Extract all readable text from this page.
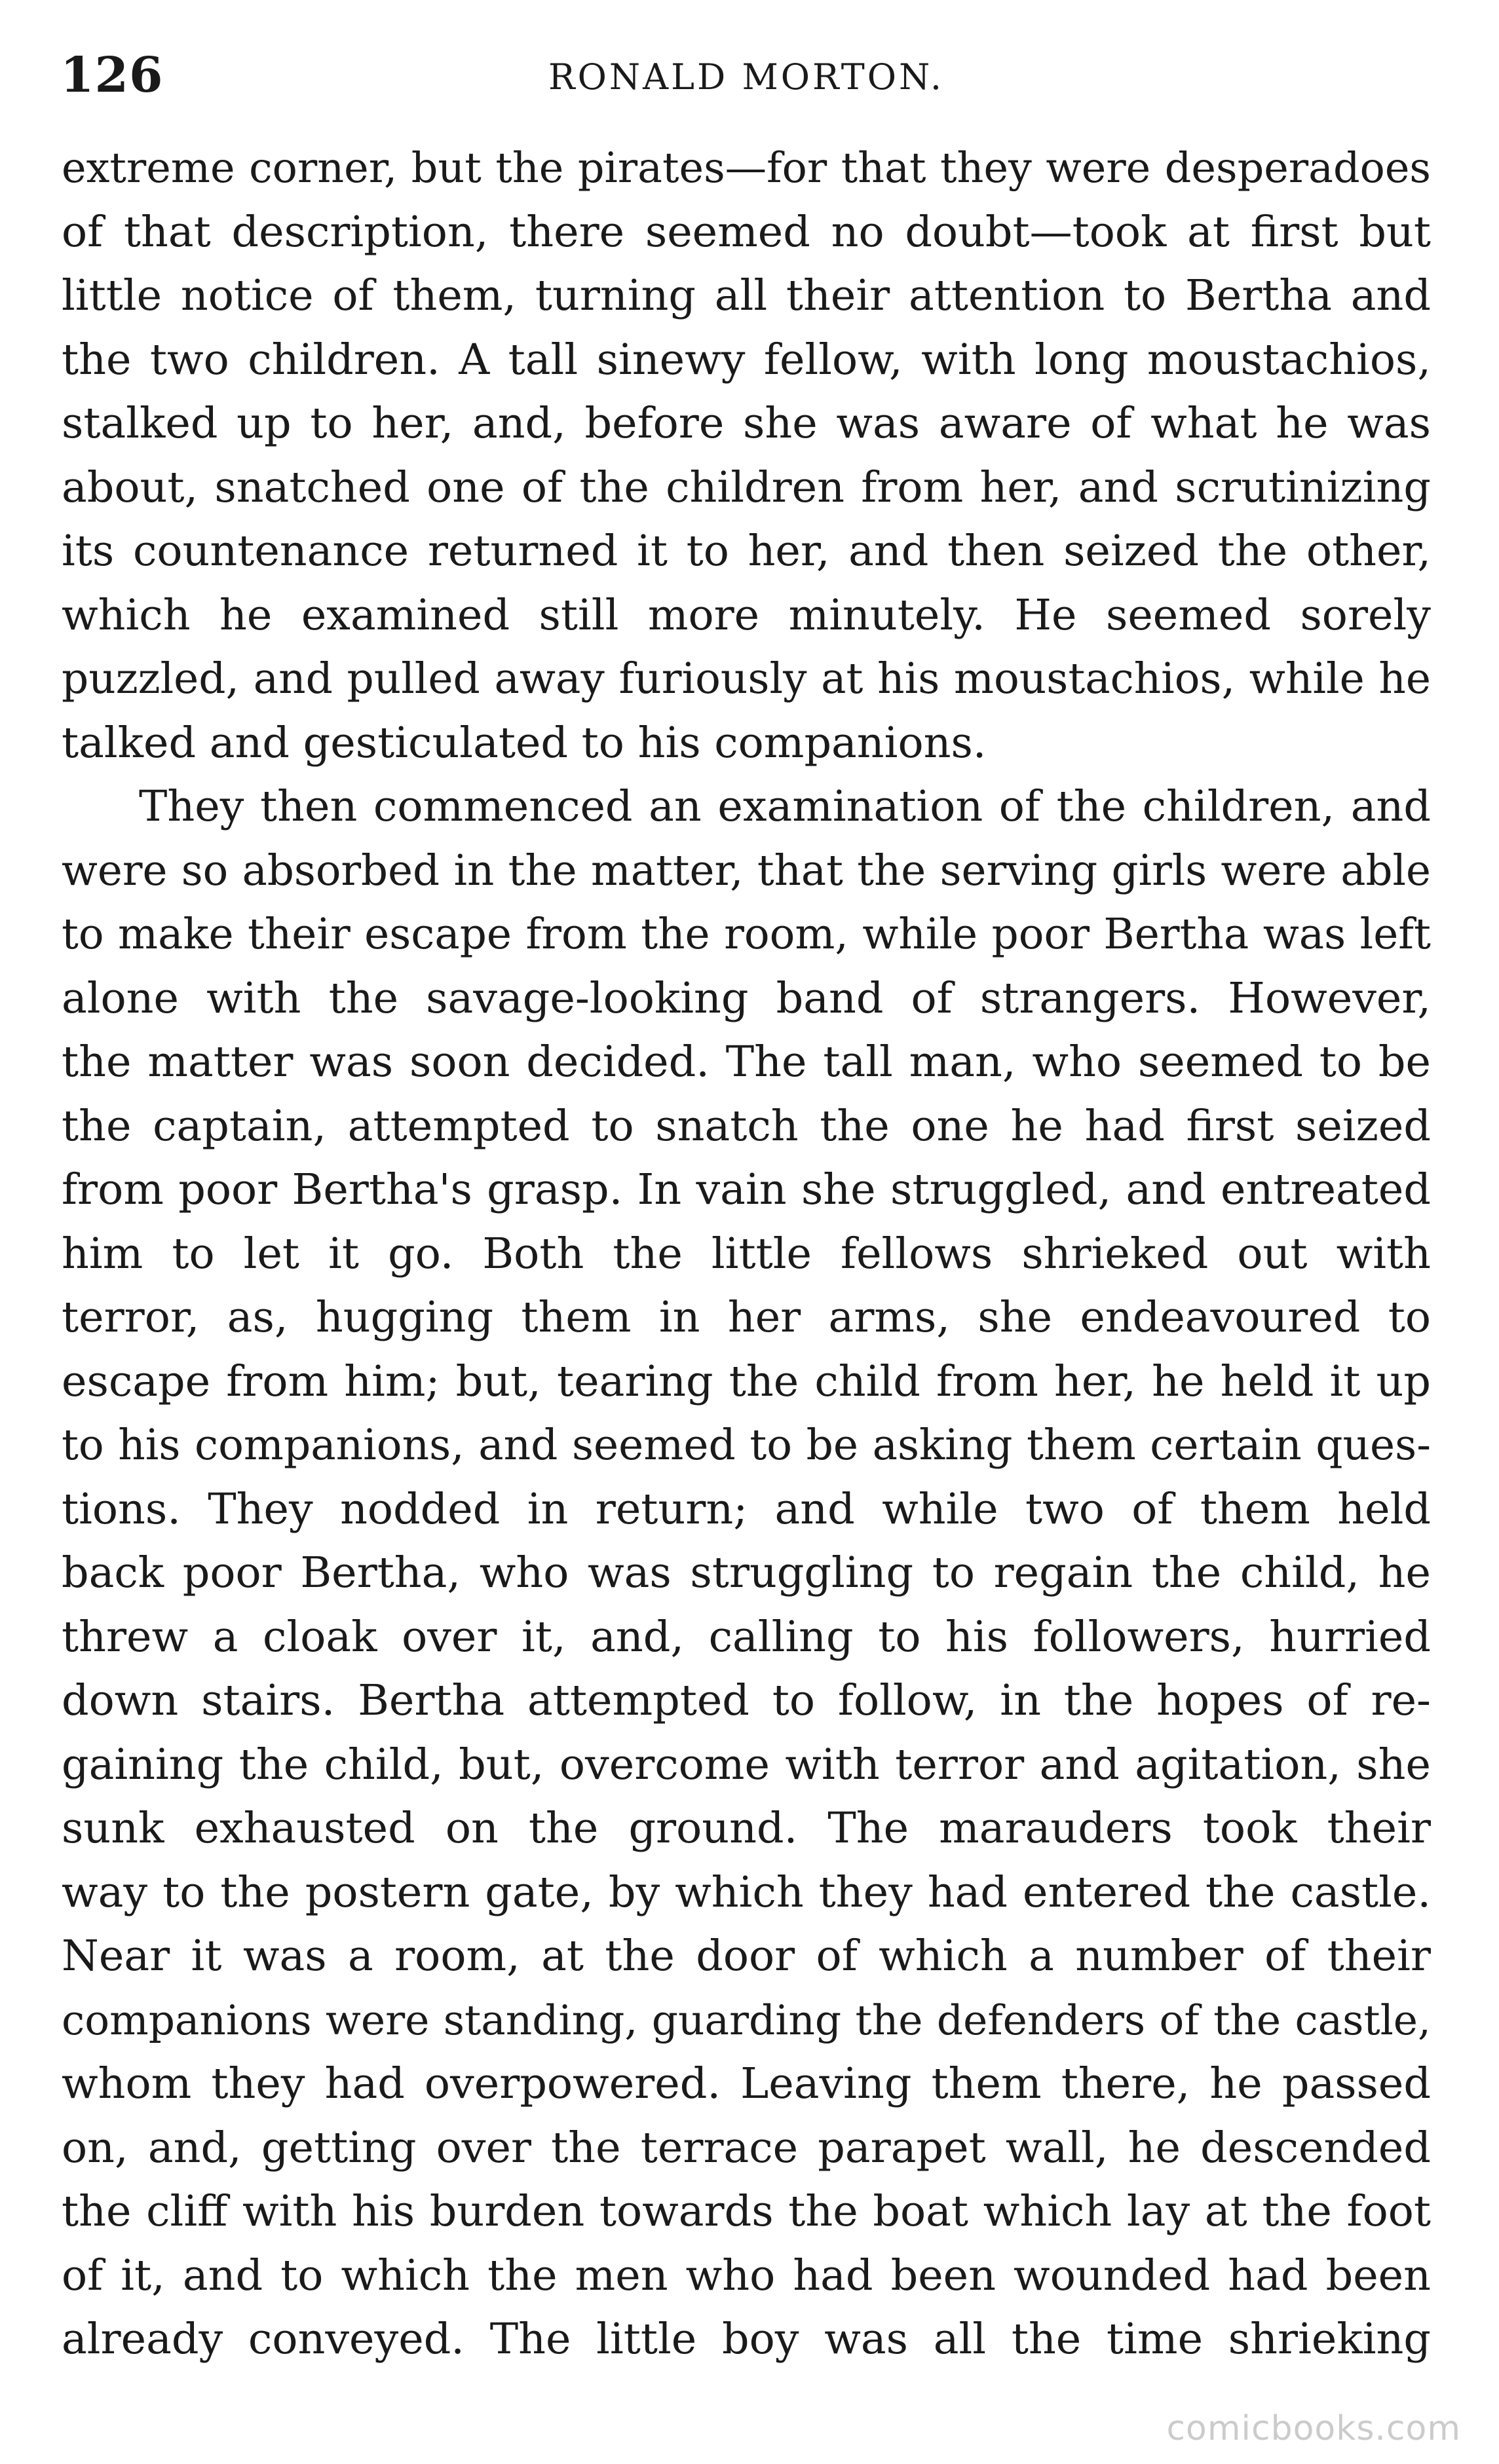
126	RONALD MORTON.
extreme corner, but the pirates—for that they were desperadoes
of that description, there seemed no doubt—took at first but
little notice of them, turning all their attention to Bertha and
the two children. A tall sinewy fellow, with long moustachios,
stalked up to her, and, before she was aware of what he was
about, snatched one of the children from her, and scrutinizing
its countenance returned it to her, and then seized the other,
which he examined still more minutely. He seemed sorely
puzzled, and pulled away furiously at his moustachios, while he
talked and gesticulated to his companions.
They then commenced an examination of the children, and
were so absorbed in the matter, that the serving girls were able
to make their escape from the room, while poor Bertha was left
alone with the savage-looking band of strangers. However,
the matter was soon decided. The tall man, who seemed to be
the captain, attempted to snatch the one he had first seized
from poor Bertha's grasp. In vain she struggled, and entreated
him to let it go. Both the little fellows shrieked out with
terror, as, hugging them in her arms, she endeavoured to
escape from him; but, tearing the child from her, he held it up
to his companions, and seemed to be asking them certain ques-
tions. They nodded in return; and while two of them held
back poor Bertha, who was struggling to regain the child, he
threw a cloak over it, and, calling to his followers, hurried
down stairs. Bertha attempted to follow, in the hopes of re-
gaining the child, but, overcome with terror and agitation, she
sunk exhausted on the ground. The marauders took their
way to the postern gate, by which they had entered the castle.
Near it was a room, at the door of which a number of their
companions were standing, guarding the defenders of the castle,
whom they had overpowered. Leaving them there, he passed
on, and, getting over the terrace parapet wall, he descended
the cliff with his burden towards the boat which lay at the foot
of it, and to which the men who had been wounded had been
already conveyed. The little boy was all the time shrieking
comicbooks.com
